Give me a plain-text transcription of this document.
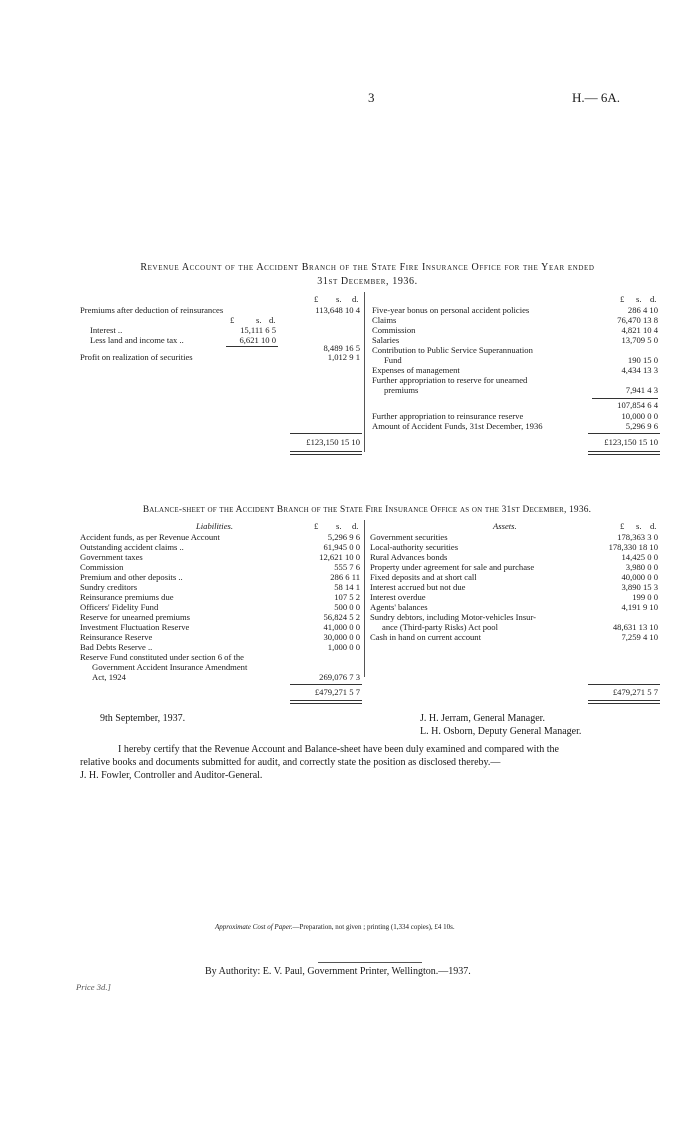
3	H.— 6A.
Revenue Account of the Accident Branch of the State Fire Insurance Office for the Year ended
31st December, 1936.
£ s. d.	£ s. d.
Premiums after deduction of reinsurances	113,648 10 4
£	s. d.
Interest ..	15,111 6 5
Less land and income tax ..	6,621 10 0
8,489 16 5
Profit on realization of securities	1,012 9 1
£123,150 15 10
Five-year bonus on personal accident policies	286 4 10
Claims	76,470 13 8
Commission	4,821 10 4
Salaries	13,709 5 0
Contribution to Public Service Superannuation
Fund	190 15 0
Expenses of management	4,434 13 3
Further appropriation to reserve for unearned
premiums	7,941 4 3
107,854 6 4
Further appropriation to reinsurance reserve	10,000 0 0
Amount of Accident Funds, 31st December, 1936	5,296 9 6
£123,150 15 10
Balance-sheet of the Accident Branch of the State Fire Insurance Office as on the 31st December, 1936.
Liabilities.	Assets.
£ s. d.	£ s. d.
Accident funds, as per Revenue Account	5,296 9 6
Outstanding accident claims ..	61,945 0 0
Government taxes	12,621 10 0
Commission	555 7 6
Premium and other deposits ..	286 6 11
Sundry creditors	58 14 1
Reinsurance premiums due	107 5 2
Officers' Fidelity Fund	500 0 0
Reserve for unearned premiums	56,824 5 2
Investment Fluctuation Reserve	41,000 0 0
Reinsurance Reserve	30,000 0 0
Bad Debts Reserve ..	1,000 0 0
Reserve Fund constituted under section 6 of the
Government Accident Insurance Amendment
Act, 1924	269,076 7 3
£479,271 5 7
Government securities	178,363 3 0
Local-authority securities	178,330 18 10
Rural Advances bonds	14,425 0 0
Property under agreement for sale and purchase	3,980 0 0
Fixed deposits and at short call	40,000 0 0
Interest accrued but not due	3,890 15 3
Interest overdue	199 0 0
Agents' balances	4,191 9 10
Sundry debtors, including Motor-vehicles Insur-
ance (Third-party Risks) Act pool	48,631 13 10
Cash in hand on current account	7,259 4 10
£479,271 5 7
9th September, 1937.	J. H. Jerram, General Manager.
L. H. Osborn, Deputy General Manager.
I hereby certify that the Revenue Account and Balance-sheet have been duly examined and compared with the
relative books and documents submitted for audit, and correctly state the position as disclosed thereby.—
J. H. Fowler, Controller and Auditor-General.
Approximate Cost of Paper.—Preparation, not given ; printing (1,334 copies), £4 10s.
By Authority: E. V. Paul, Government Printer, Wellington.—1937.
Price 3d.]
